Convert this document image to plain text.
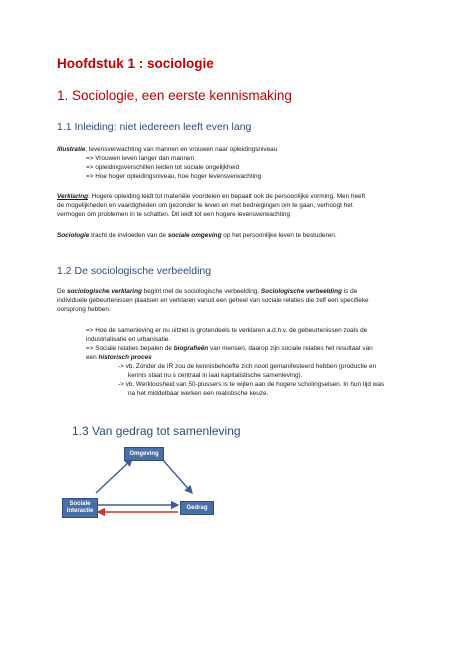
Hoofdstuk 1 : sociologie
1. Sociologie, een eerste kennismaking
1.1 Inleiding: niet iedereen leeft even lang
Illustratie: levensverwachting van mannen en vrouwen naar opleidingsniveau
=> Vrouwen leven langer dan mannen
=> opleidingsverschillen leiden tot sociale ongelijkheid
=> Hoe hoger opleidingsniveau, hoe hoger levensverwachting
Verklaring: Hogere opleiding leidt tot materiële voordelen en bepaalt ook de persoonlijke vorming. Men heeft
de mogelijkheden en vaardigheden om gezonder te leven en met bedreigingen om te gaan, verhoogt het
vermogen om problemen in te schatten. Dit leidt tot een hogere levensverwachting
Sociologie tracht de invloeden van de sociale omgeving op het persoonlijke leven te bestuderen.
1.2 De sociologische verbeelding
De sociologische verklaring begint met de sociologische verbeelding. Sociologische verbeelding is de
individuele gebeurtenissen plaatsen en verklaren vanuit een geheel van sociale relaties die zelf een specifieke
oorsprong hebben.
=> Hoe de samenleving er nu uitziet is grotendeels te verklaren a.d.h.v. de gebeurtenissen zoals de
industrialisatie en urbanisatie.
=> Sociale relaties bepalen de biografieën van mensen, daarop zijn sociale relaties het resultaat van
een historisch proces
-> vb. Zonder de IR zou de kennisbehoefte zich nooit gemanifesteerd hebben (productie en
kennis staat nu s centraal in laat kapitalistische samenleving).
-> vb. Werkloosheid van 50-plussers is te wijten aan de hogere scholingseisen. In hun tijd was
na het middelbaar werken een realistische keuze.
1.3 Van gedrag tot samenleving
Omgeving
Sociale
interactie
Gedrag
